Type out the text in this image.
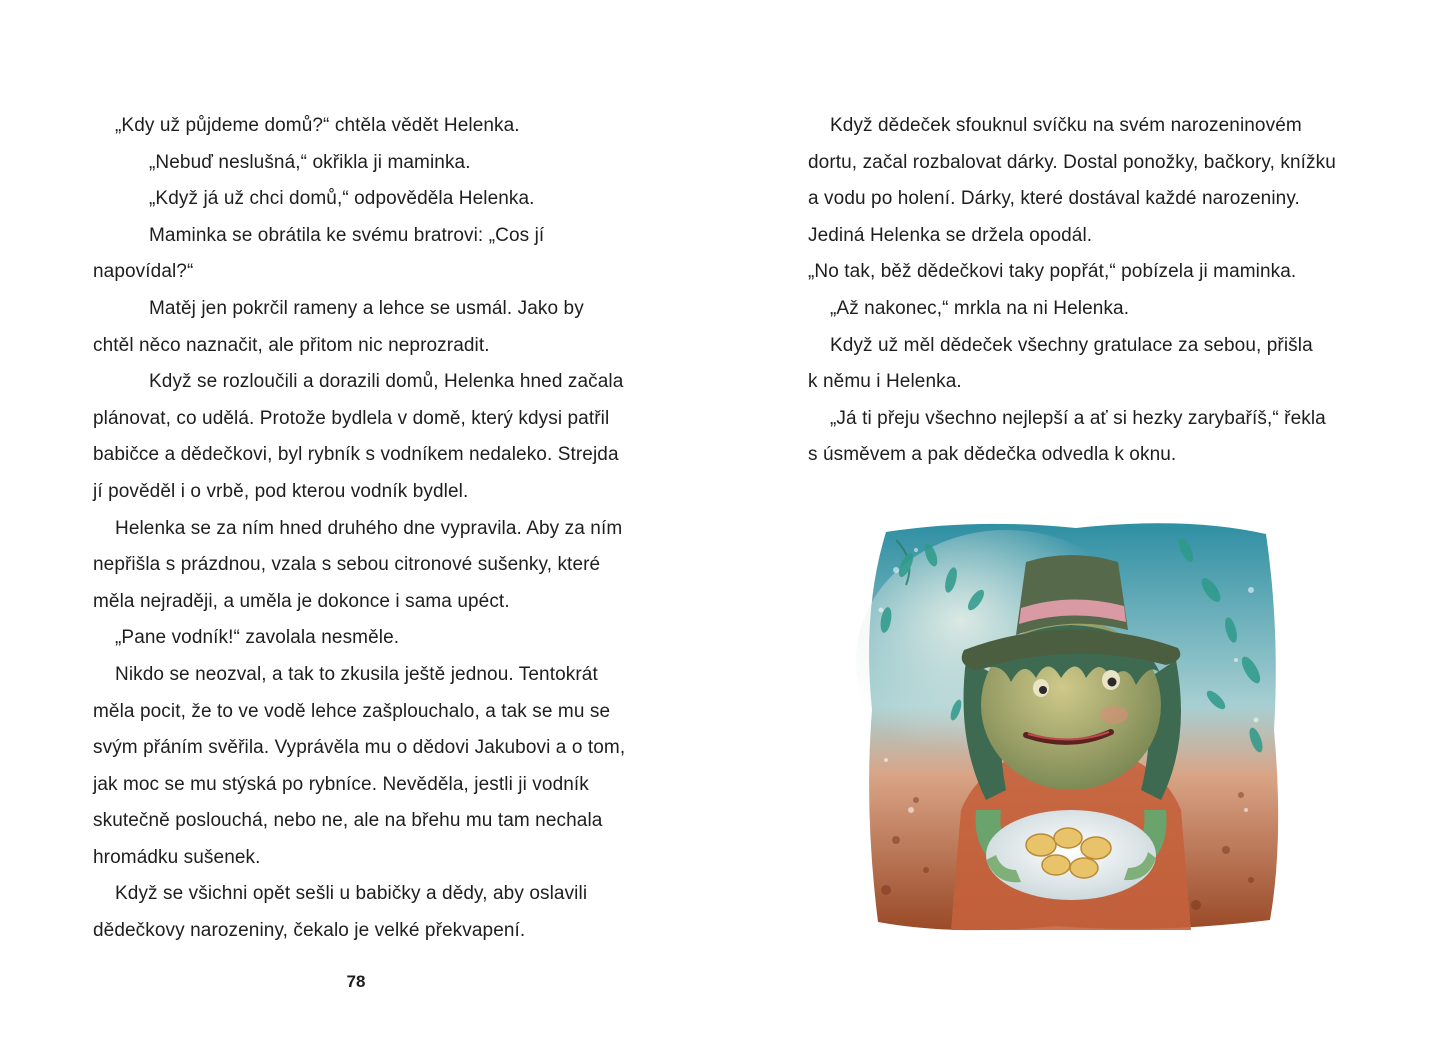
„Kdy už půjdeme domů?“ chtěla vědět Helenka.
„Nebuď neslušná,“ okřikla ji maminka.
„Když já už chci domů,“ odpověděla Helenka.
Maminka se obrátila ke svému bratrovi: „Cos jí
napovídal?“
Matěj jen pokrčil rameny a lehce se usmál. Jako by
chtěl něco naznačit, ale přitom nic neprozradit.
Když se rozloučili a dorazili domů, Helenka hned začala
plánovat, co udělá. Protože bydlela v domě, který kdysi patřil
babičce a dědečkovi, byl rybník s vodníkem nedaleko. Strejda
jí pověděl i o vrbě, pod kterou vodník bydlel.
Helenka se za ním hned druhého dne vypravila. Aby za ním
nepřišla s prázdnou, vzala s sebou citronové sušenky, které
měla nejraději, a uměla je dokonce i sama upéct.
„Pane vodník!“ zavolala nesměle.
Nikdo se neozval, a tak to zkusila ještě jednou. Tentokrát
měla pocit, že to ve vodě lehce zašplouchalo, a tak se mu se
svým přáním svěřila. Vyprávěla mu o dědovi Jakubovi a o tom,
jak moc se mu stýská po rybníce. Nevěděla, jestli ji vodník
skutečně poslouchá, nebo ne, ale na břehu mu tam nechala
hromádku sušenek.
Když se všichni opět sešli u babičky a dědy, aby oslavili
dědečkovy narozeniny, čekalo je velké překvapení.
78
Když dědeček sfouknul svíčku na svém narozeninovém
dortu, začal rozbalovat dárky. Dostal ponožky, bačkory, knížku
a vodu po holení. Dárky, které dostával každé narozeniny.
Jediná Helenka se držela opodál.
„No tak, běž dědečkovi taky popřát,“ pobízela ji maminka.
„Až nakonec,“ mrkla na ni Helenka.
Když už měl dědeček všechny gratulace za sebou, přišla
k němu i Helenka.
„Já ti přeju všechno nejlepší a ať si hezky zarybaříš,“ řekla
s úsměvem a pak dědečka odvedla k oknu.
